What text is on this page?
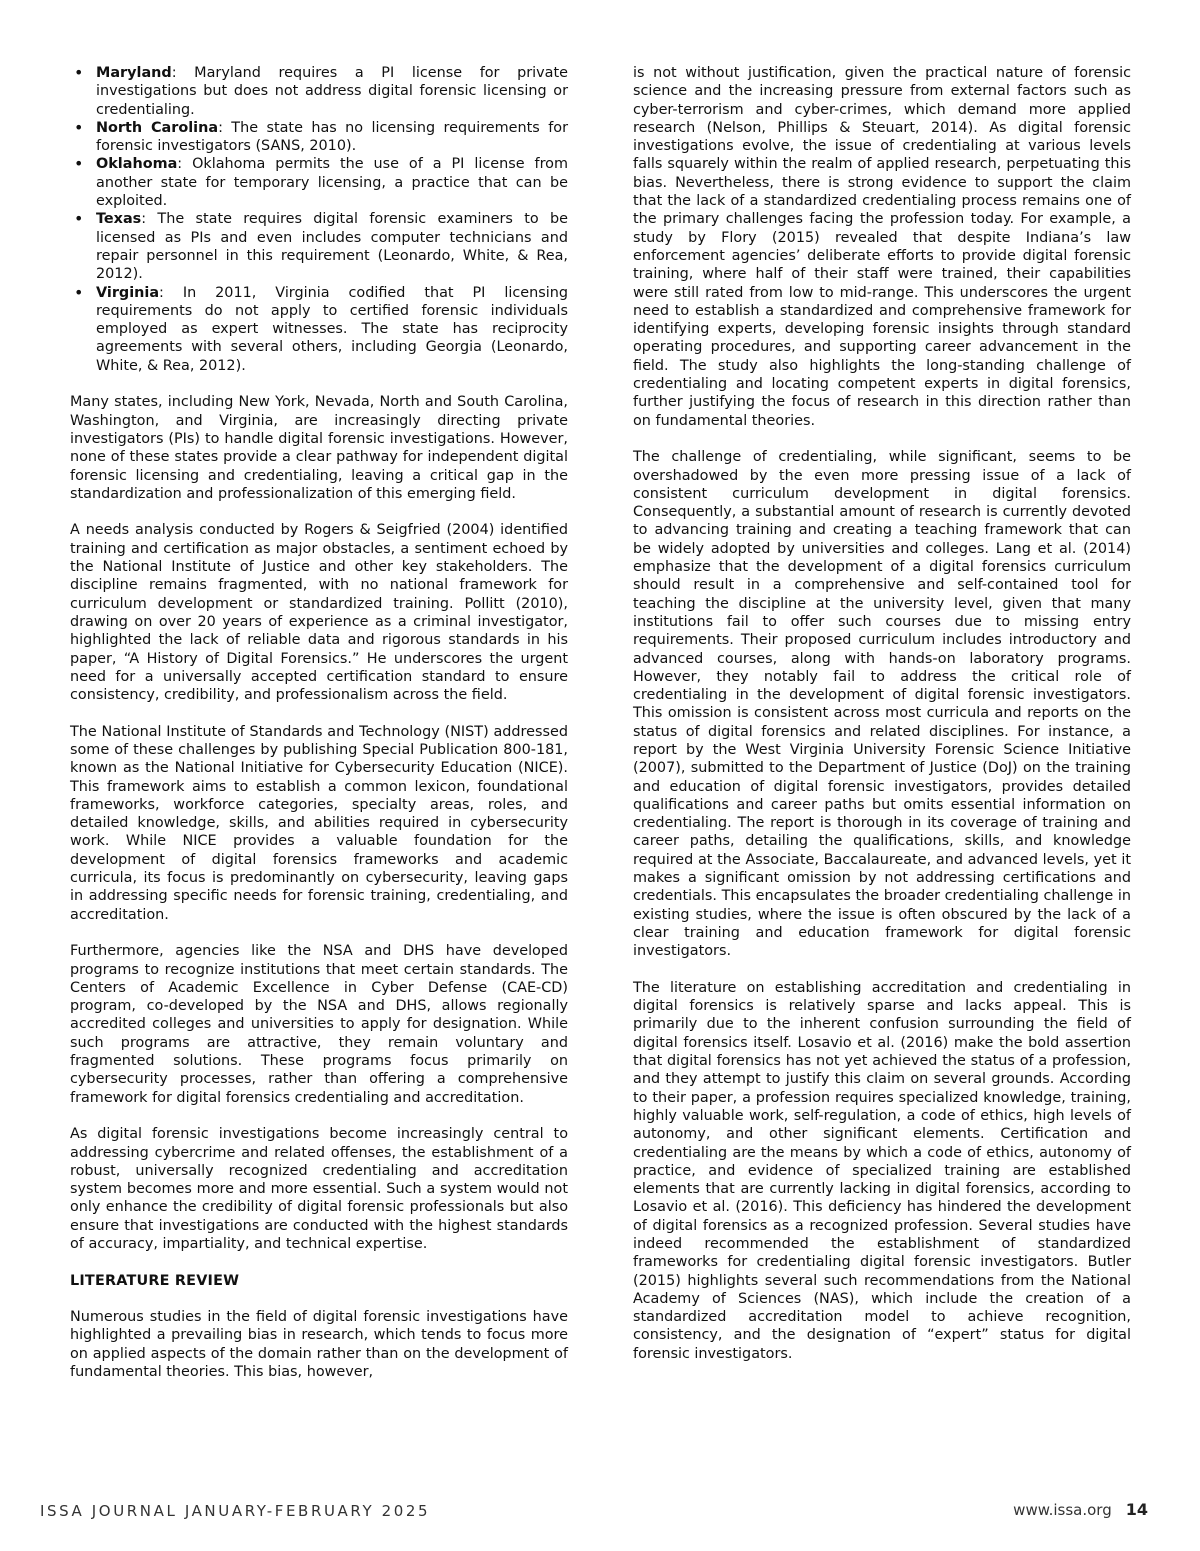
• Maryland: Maryland requires a PI license for private investigations but does not address digital forensic licensing or credentialing.
• North Carolina: The state has no licensing requirements for forensic investigators (SANS, 2010).
• Oklahoma: Oklahoma permits the use of a PI license from another state for temporary licensing, a practice that can be exploited.
• Texas: The state requires digital forensic examiners to be licensed as PIs and even includes computer technicians and repair personnel in this requirement (Leonardo, White, & Rea, 2012).
• Virginia: In 2011, Virginia codified that PI licensing requirements do not apply to certified forensic individuals employed as expert witnesses. The state has reciprocity agreements with several others, including Georgia (Leonardo, White, & Rea, 2012).

Many states, including New York, Nevada, North and South Carolina, Washington, and Virginia, are increasingly directing private investigators (PIs) to handle digital forensic investigations. However, none of these states provide a clear pathway for independent digital forensic licensing and credentialing, leaving a critical gap in the standardization and professionalization of this emerging field.

A needs analysis conducted by Rogers & Seigfried (2004) identified training and certification as major obstacles, a sentiment echoed by the National Institute of Justice and other key stakeholders. The discipline remains fragmented, with no national framework for curriculum development or standardized training. Pollitt (2010), drawing on over 20 years of experience as a criminal investigator, highlighted the lack of reliable data and rigorous standards in his paper, “A History of Digital Forensics.” He underscores the urgent need for a universally accepted certification standard to ensure consistency, credibility, and professionalism across the field.

The National Institute of Standards and Technology (NIST) addressed some of these challenges by publishing Special Publication 800-181, known as the National Initiative for Cybersecurity Education (NICE). This framework aims to establish a common lexicon, foundational frameworks, workforce categories, specialty areas, roles, and detailed knowledge, skills, and abilities required in cybersecurity work. While NICE provides a valuable foundation for the development of digital forensics frameworks and academic curricula, its focus is predominantly on cybersecurity, leaving gaps in addressing specific needs for forensic training, credentialing, and accreditation.

Furthermore, agencies like the NSA and DHS have developed programs to recognize institutions that meet certain standards. The Centers of Academic Excellence in Cyber Defense (CAE-CD) program, co-developed by the NSA and DHS, allows regionally accredited colleges and universities to apply for designation. While such programs are attractive, they remain voluntary and fragmented solutions. These programs focus primarily on cybersecurity processes, rather than offering a comprehensive framework for digital forensics credentialing and accreditation.

As digital forensic investigations become increasingly central to addressing cybercrime and related offenses, the establishment of a robust, universally recognized credentialing and accreditation system becomes more and more essential. Such a system would not only enhance the credibility of digital forensic professionals but also ensure that investigations are conducted with the highest standards of accuracy, impartiality, and technical expertise.

LITERATURE REVIEW

Numerous studies in the field of digital forensic investigations have highlighted a prevailing bias in research, which tends to focus more on applied aspects of the domain rather than on the development of fundamental theories. This bias, however,

is not without justification, given the practical nature of forensic science and the increasing pressure from external factors such as cyber-terrorism and cyber-crimes, which demand more applied research (Nelson, Phillips & Steuart, 2014). As digital forensic investigations evolve, the issue of credentialing at various levels falls squarely within the realm of applied research, perpetuating this bias. Nevertheless, there is strong evidence to support the claim that the lack of a standardized credentialing process remains one of the primary challenges facing the profession today. For example, a study by Flory (2015) revealed that despite Indiana’s law enforcement agencies’ deliberate efforts to provide digital forensic training, where half of their staff were trained, their capabilities were still rated from low to mid-range. This underscores the urgent need to establish a standardized and comprehensive framework for identifying experts, developing forensic insights through standard operating procedures, and supporting career advancement in the field. The study also highlights the long-standing challenge of credentialing and locating competent experts in digital forensics, further justifying the focus of research in this direction rather than on fundamental theories.

The challenge of credentialing, while significant, seems to be overshadowed by the even more pressing issue of a lack of consistent curriculum development in digital forensics. Consequently, a substantial amount of research is currently devoted to advancing training and creating a teaching framework that can be widely adopted by universities and colleges. Lang et al. (2014) emphasize that the development of a digital forensics curriculum should result in a comprehensive and self-contained tool for teaching the discipline at the university level, given that many institutions fail to offer such courses due to missing entry requirements. Their proposed curriculum includes introductory and advanced courses, along with hands-on laboratory programs. However, they notably fail to address the critical role of credentialing in the development of digital forensic investigators. This omission is consistent across most curricula and reports on the status of digital forensics and related disciplines. For instance, a report by the West Virginia University Forensic Science Initiative (2007), submitted to the Department of Justice (DoJ) on the training and education of digital forensic investigators, provides detailed qualifications and career paths but omits essential information on credentialing. The report is thorough in its coverage of training and career paths, detailing the qualifications, skills, and knowledge required at the Associate, Baccalaureate, and advanced levels, yet it makes a significant omission by not addressing certifications and credentials. This encapsulates the broader credentialing challenge in existing studies, where the issue is often obscured by the lack of a clear training and education framework for digital forensic investigators.

The literature on establishing accreditation and credentialing in digital forensics is relatively sparse and lacks appeal. This is primarily due to the inherent confusion surrounding the field of digital forensics itself. Losavio et al. (2016) make the bold assertion that digital forensics has not yet achieved the status of a profession, and they attempt to justify this claim on several grounds. According to their paper, a profession requires specialized knowledge, training, highly valuable work, self-regulation, a code of ethics, high levels of autonomy, and other significant elements. Certification and credentialing are the means by which a code of ethics, autonomy of practice, and evidence of specialized training are established elements that are currently lacking in digital forensics, according to Losavio et al. (2016). This deficiency has hindered the development of digital forensics as a recognized profession. Several studies have indeed recommended the establishment of standardized frameworks for credentialing digital forensic investigators. Butler (2015) highlights several such recommendations from the National Academy of Sciences (NAS), which include the creation of a standardized accreditation model to achieve recognition, consistency, and the designation of “expert” status for digital forensic investigators.

ISSA JOURNAL JANUARY-FEBRUARY 2025	www.issa.org 14
